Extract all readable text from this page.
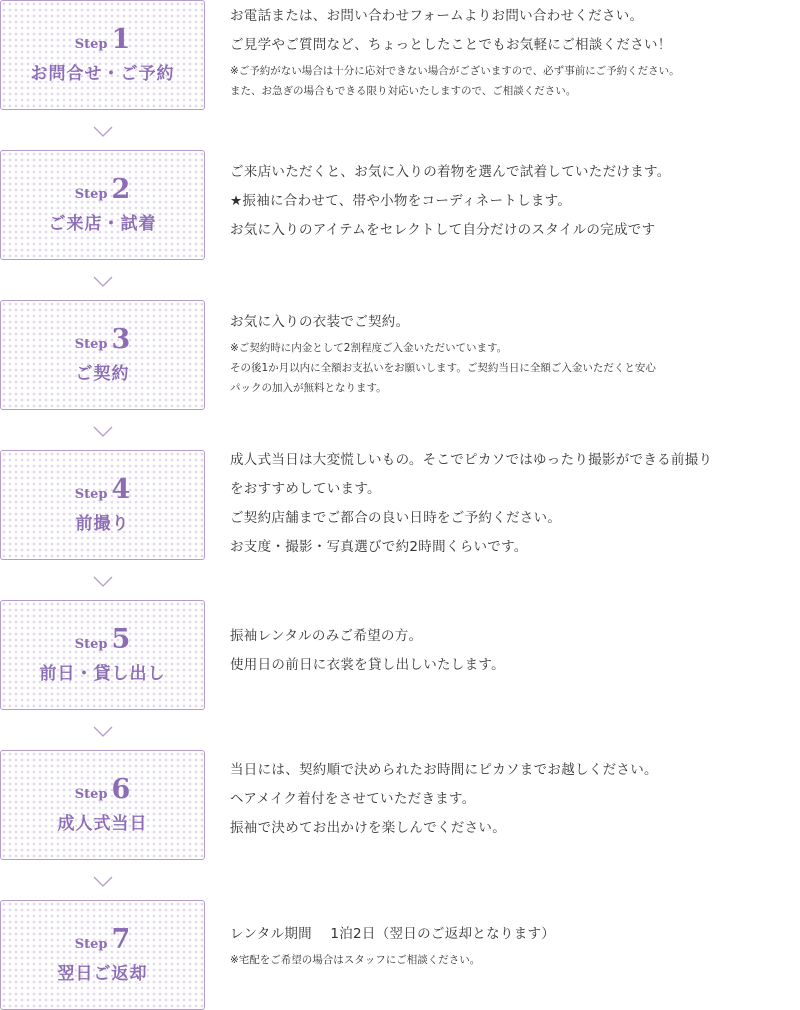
Step 1
お問合せ・ご予約
お電話または、お問い合わせフォームよりお問い合わせください。
ご見学やご質問など、ちょっとしたことでもお気軽にご相談ください！
※ご予約がない場合は十分に応対できない場合がございますので、必ず事前にご予約ください。
また、お急ぎの場合もできる限り対応いたしますので、ご相談ください。
Step 2
ご来店・試着
ご来店いただくと、お気に入りの着物を選んで試着していただけます。
★振袖に合わせて、帯や小物をコーディネートします。
お気に入りのアイテムをセレクトして自分だけのスタイルの完成です
Step 3
ご契約
お気に入りの衣装でご契約。
※ご契約時に内金として2割程度ご入金いただいています。
その後1か月以内に全額お支払いをお願いします。ご契約当日に全額ご入金いただくと安心
パックの加入が無料となります。
Step 4
前撮り
成人式当日は大変慌しいもの。そこでピカソではゆったり撮影ができる前撮り
をおすすめしています。
ご契約店舗までご都合の良い日時をご予約ください。
お支度・撮影・写真選びで約2時間くらいです。
Step 5
前日・貸し出し
振袖レンタルのみご希望の方。
使用日の前日に衣裳を貸し出しいたします。
Step 6
成人式当日
当日には、契約順で決められたお時間にピカソまでお越しください。
ヘアメイク着付をさせていただきます。
振袖で決めてお出かけを楽しんでください。
Step 7
翌日ご返却
レンタル期間　 1泊2日（翌日のご返却となります）
※宅配をご希望の場合はスタッフにご相談ください。
